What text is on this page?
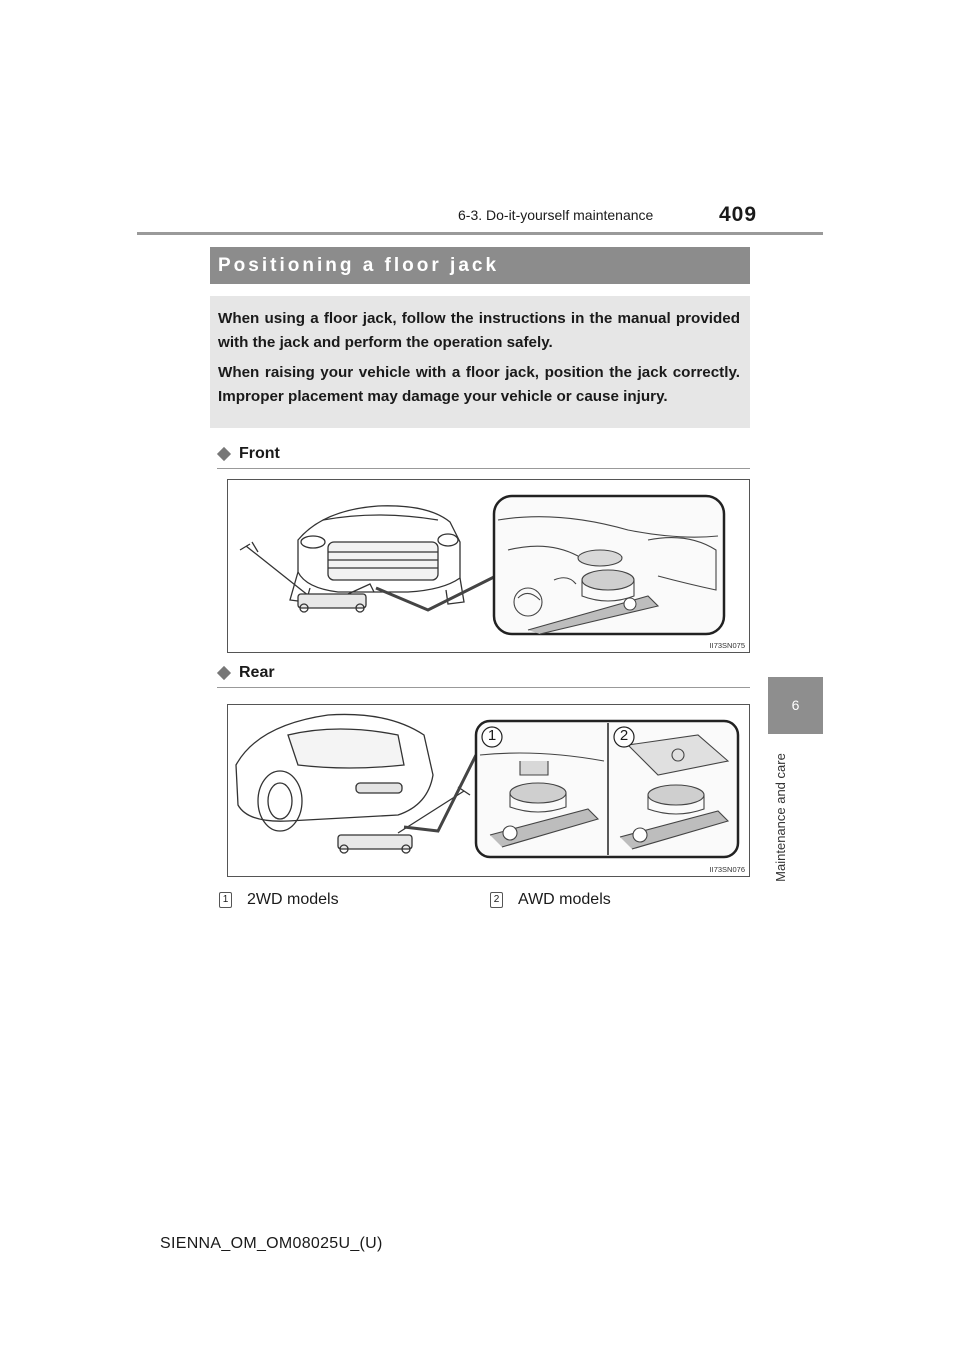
6-3. Do-it-yourself maintenance	409
6
Maintenance and care
Positioning a floor jack

When using a floor jack, follow the instructions in the manual provided with the jack and perform the operation safely.

When raising your vehicle with a floor jack, position the jack correctly. Improper placement may damage your vehicle or cause injury.

Front
II73SN075
Rear
1	2
II73SN076
1 2WD models	2 AWD models
SIENNA_OM_OM08025U_(U)
